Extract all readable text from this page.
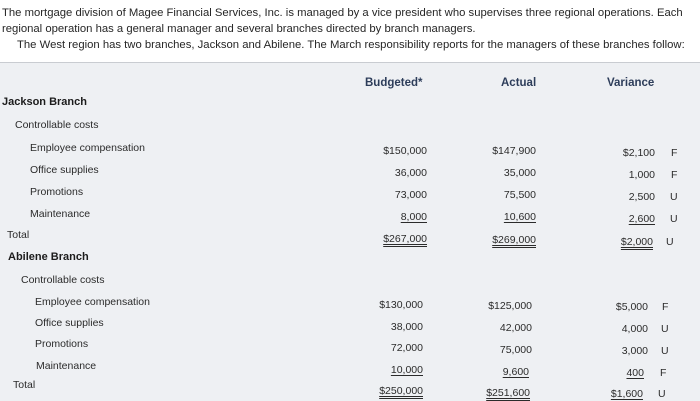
The mortgage division of Magee Financial Services, Inc. is managed by a vice president who supervises three regional operations. Each regional operation has a general manager and several branches directed by branch managers.

The West region has two branches, Jackson and Abilene. The March responsibility reports for the managers of these branches follow:

Budgeted*	Actual	Variance
Jackson Branch
Controllable costs
Employee compensation	$150,000	$147,900	$2,100 F
Office supplies	36,000	35,000	1,000 F
Promotions	73,000	75,500	2,500 U
Maintenance	8,000	10,600	2,600 U
Total	$267,000	$269,000	$2,000 U
Abilene Branch
Controllable costs
Employee compensation	$130,000	$125,000	$5,000 F
Office supplies	38,000	42,000	4,000 U
Promotions	72,000	75,000	3,000 U
Maintenance	10,000	9,600	400 F
Total	$250,000	$251,600	$1,600 U
